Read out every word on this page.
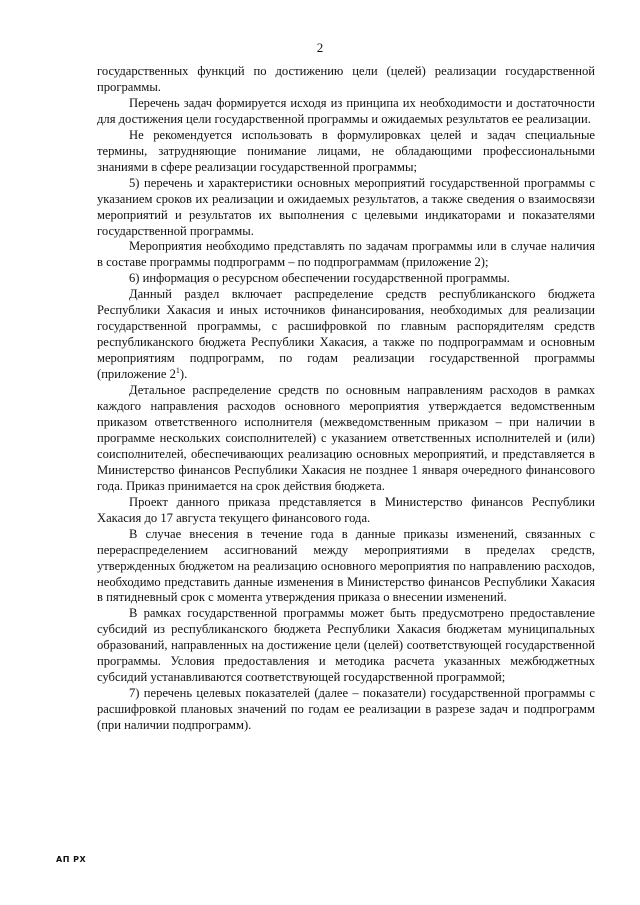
2

государственных функций по достижению цели (целей) реализации государственной программы.

Перечень задач формируется исходя из принципа их необходимости и достаточности для достижения цели государственной программы и ожидаемых результатов ее реализации.

Не рекомендуется использовать в формулировках целей и задач специальные термины, затрудняющие понимание лицами, не обладающими профессиональными знаниями в сфере реализации государственной программы;

5) перечень и характеристики основных мероприятий государственной программы с указанием сроков их реализации и ожидаемых результатов, а также сведения о взаимосвязи мероприятий и результатов их выполнения с целевыми индикаторами и показателями государственной программы.

Мероприятия необходимо представлять по задачам программы или в случае наличия в составе программы подпрограмм – по подпрограммам (приложение 2);

6) информация о ресурсном обеспечении государственной программы.

Данный раздел включает распределение средств республиканского бюджета Республики Хакасия и иных источников финансирования, необходимых для реализации государственной программы, с расшифровкой по главным распорядителям средств республиканского бюджета Республики Хакасия, а также по подпрограммам и основным мероприятиям подпрограмм, по годам реализации государственной программы (приложение $2^1$).

Детальное распределение средств по основным направлениям расходов в рамках каждого направления расходов основного мероприятия утверждается ведомственным приказом ответственного исполнителя (межведомственным приказом – при наличии в программе нескольких соисполнителей) с указанием ответственных исполнителей и (или) соисполнителей, обеспечивающих реализацию основных мероприятий, и представляется в Министерство финансов Республики Хакасия не позднее 1 января очередного финансового года. Приказ принимается на срок действия бюджета.

Проект данного приказа представляется в Министерство финансов Республики Хакасия до 17 августа текущего финансового года.

В случае внесения в течение года в данные приказы изменений, связанных с перераспределением ассигнований между мероприятиями в пределах средств, утвержденных бюджетом на реализацию основного мероприятия по направлению расходов, необходимо представить данные изменения в Министерство финансов Республики Хакасия в пятидневный срок с момента утверждения приказа о внесении изменений.

В рамках государственной программы может быть предусмотрено предоставление субсидий из республиканского бюджета Республики Хакасия бюджетам муниципальных образований, направленных на достижение цели (целей) соответствующей государственной программы. Условия предоставления и методика расчета указанных межбюджетных субсидий устанавливаются соответствующей государственной программой;

7) перечень целевых показателей (далее – показатели) государственной программы с расшифровкой плановых значений по годам ее реализации в разрезе задач и подпрограмм (при наличии подпрограмм).

АП РХ
